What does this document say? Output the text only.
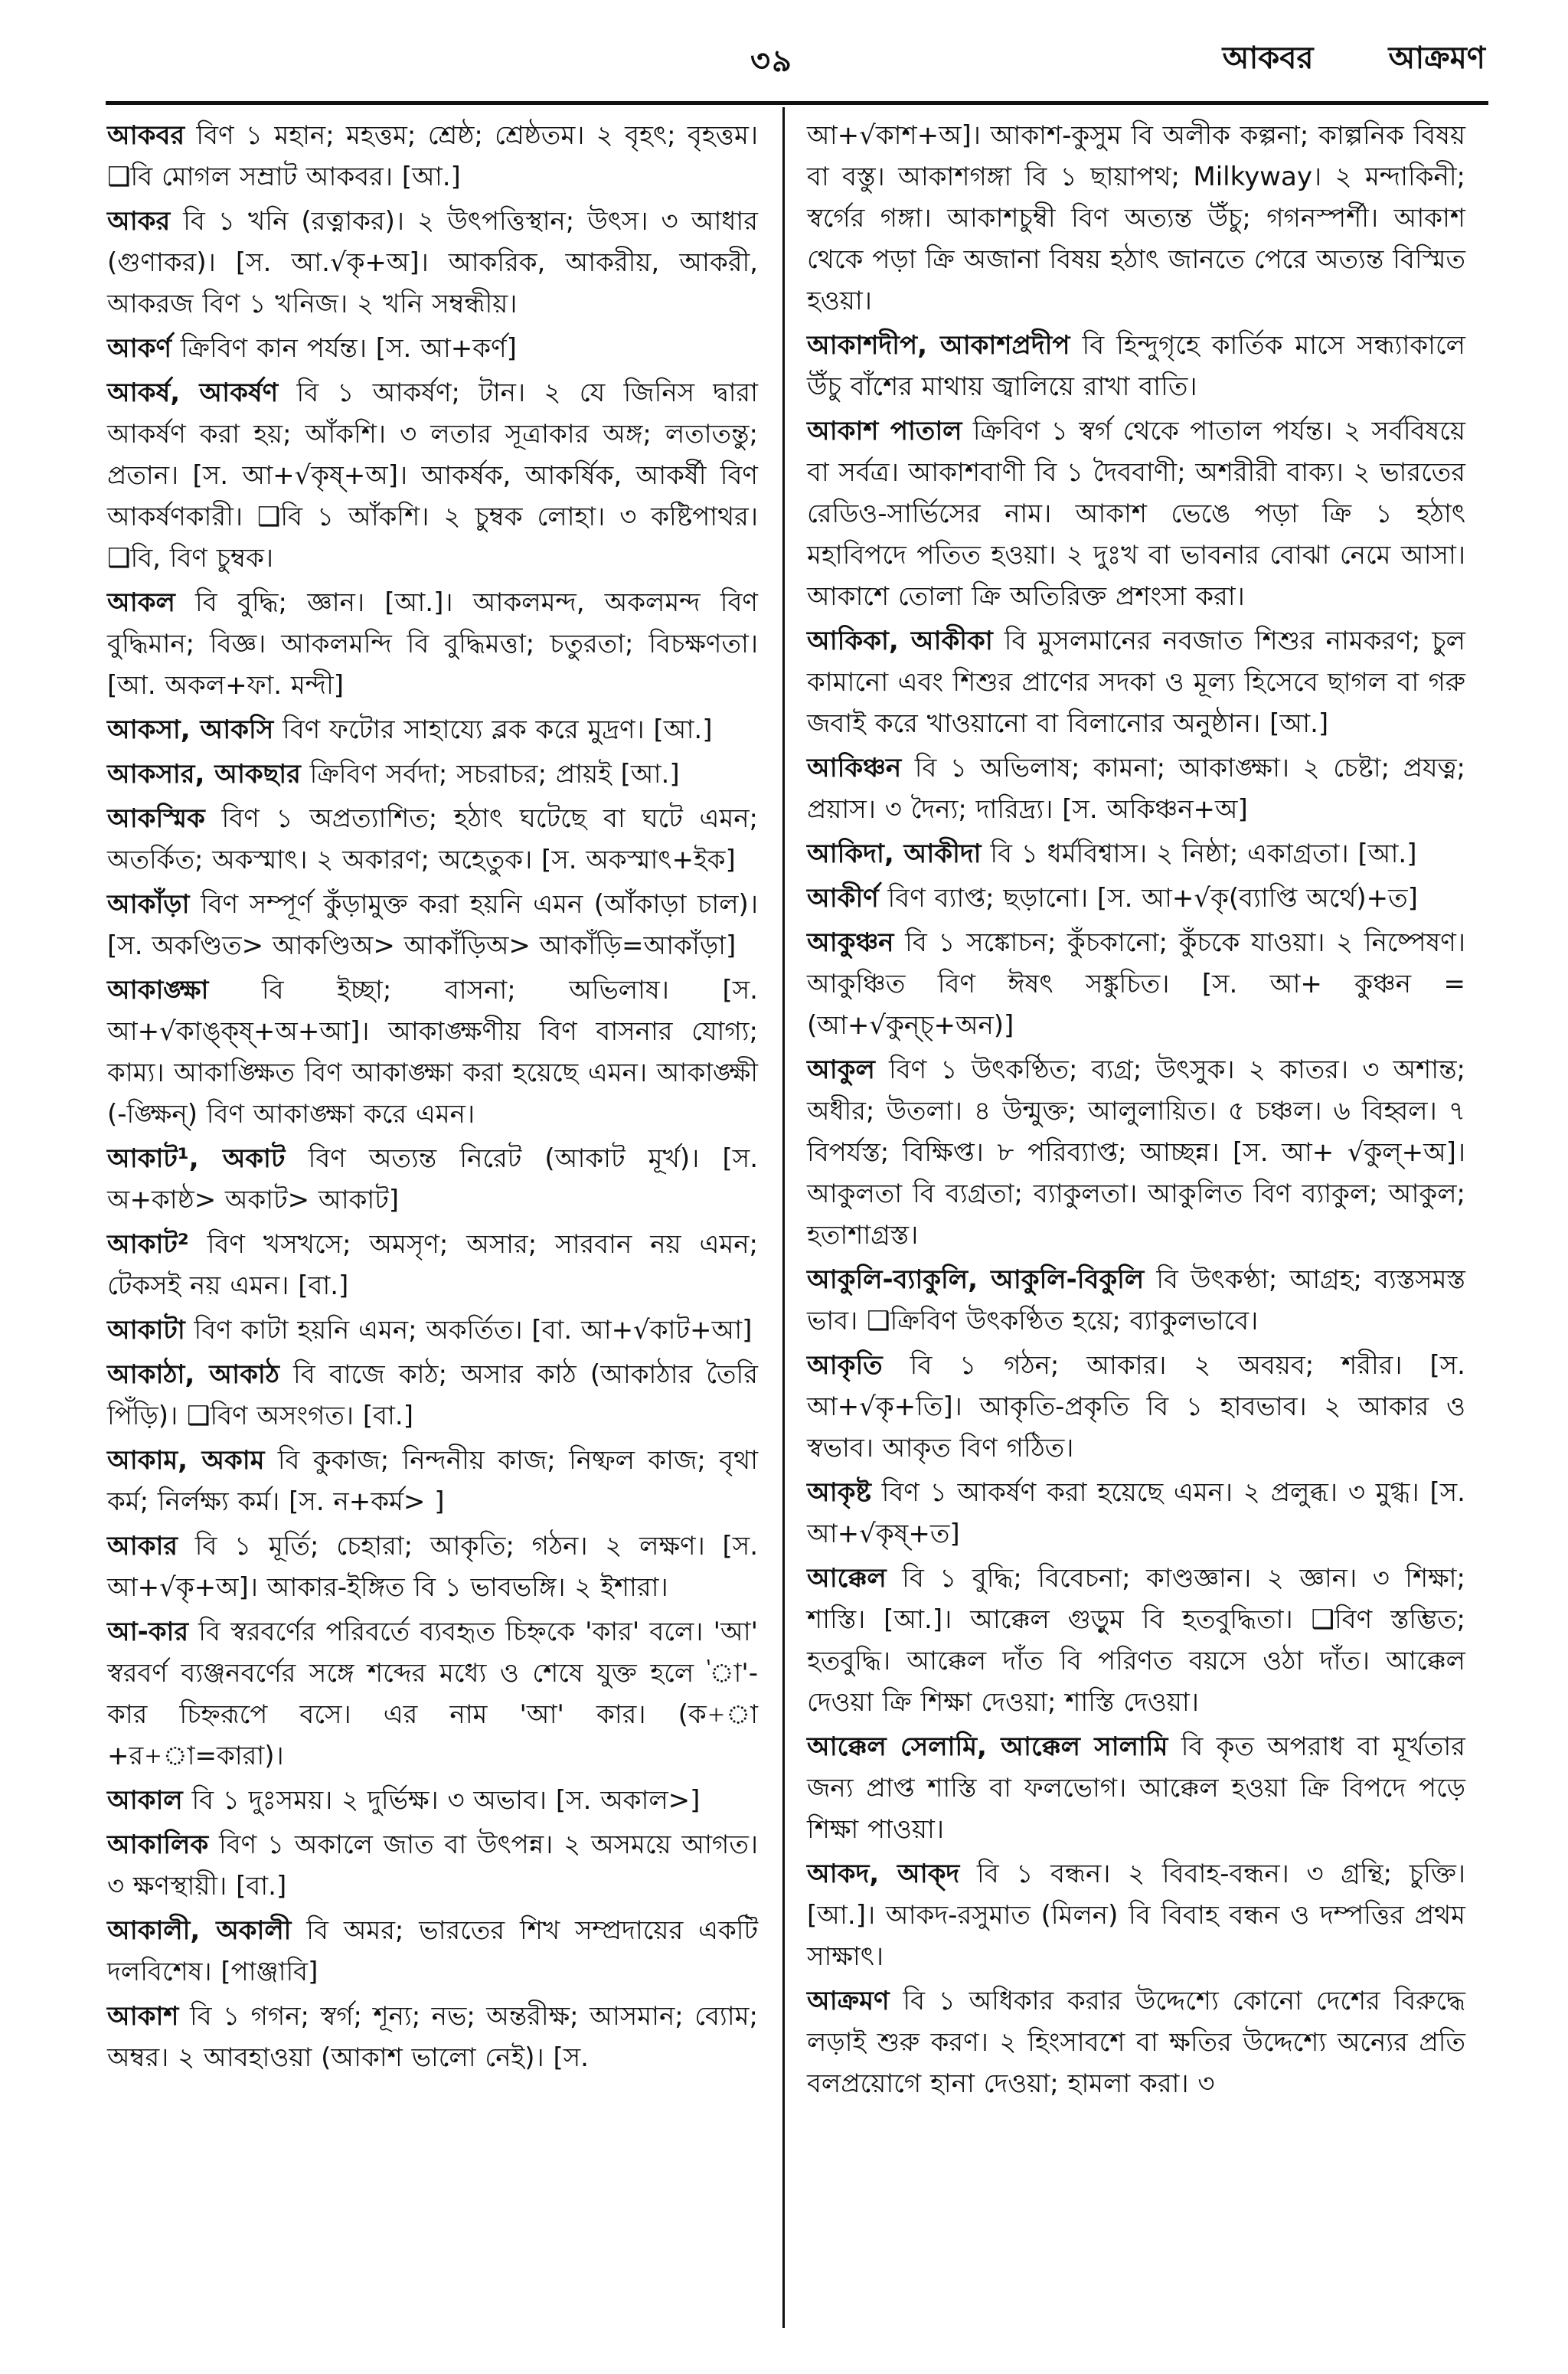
৩৯	আকবর আক্রমণ

আকবর বিণ ১ মহান; মহত্তম; শ্রেষ্ঠ; শ্রেষ্ঠতম। ২ বৃহৎ; বৃহত্তম। ❑বি মোগল সম্রাট আকবর। [আ.]

আকর বি ১ খনি (রত্নাকর)। ২ উৎপত্তিস্থান; উৎস। ৩ আধার (গুণাকর)। [স. আ.√কৃ+অ]। আকরিক, আকরীয়, আকরী, আকরজ বিণ ১ খনিজ। ২ খনি সম্বন্ধীয়।

আকর্ণ ক্রিবিণ কান পর্যন্ত। [স. আ+কর্ণ]

আকর্ষ, আকর্ষণ বি ১ আকর্ষণ; টান। ২ যে জিনিস দ্বারা আকর্ষণ করা হয়; আঁকশি। ৩ লতার সূত্রাকার অঙ্গ; লতাতন্তু; প্রতান। [স. আ+√কৃষ্+অ]। আকর্ষক, আকর্ষিক, আকর্ষী বিণ আকর্ষণকারী। ❑বি ১ আঁকশি। ২ চুম্বক লোহা। ৩ কষ্টিপাথর। ❑বি, বিণ চুম্বক।

আকল বি বুদ্ধি; জ্ঞান। [আ.]। আকলমন্দ, অকলমন্দ বিণ বুদ্ধিমান; বিজ্ঞ। আকলমন্দি বি বুদ্ধিমত্তা; চতুরতা; বিচক্ষণতা। [আ. অকল+ফা. মন্দী]

আকসা, আকসি বিণ ফটোর সাহায্যে ব্লক করে মুদ্রণ। [আ.]

আকসার, আকছার ক্রিবিণ সর্বদা; সচরাচর; প্রায়ই [আ.]

আকস্মিক বিণ ১ অপ্রত্যাশিত; হঠাৎ ঘটেছে বা ঘটে এমন; অতর্কিত; অকস্মাৎ। ২ অকারণ; অহেতুক। [স. অকস্মাৎ+ইক]

আকাঁড়া বিণ সম্পূর্ণ কুঁড়ামুক্ত করা হয়নি এমন (আঁকাড়া চাল)। [স. অকণ্ডিত> আকণ্ডিঅ> আকাঁড়িঅ> আকাঁড়ি=আকাঁড়া]

আকাঙ্ক্ষা বি ইচ্ছা; বাসনা; অভিলাষ। [স. আ+√কাঙ্ক্ষ্+অ+আ]। আকাঙ্ক্ষণীয় বিণ বাসনার যোগ্য; কাম্য। আকাঙ্ক্ষিত বিণ আকাঙ্ক্ষা করা হয়েছে এমন। আকাঙ্ক্ষী (-ঙ্ক্ষিন্) বিণ আকাঙ্ক্ষা করে এমন।

আকাট¹, অকাট বিণ অত্যন্ত নিরেট (আকাট মূর্খ)। [স. অ+কাষ্ঠ> অকাট> আকাট]

আকাট² বিণ খসখসে; অমসৃণ; অসার; সারবান নয় এমন; টেকসই নয় এমন। [বা.]

আকাটা বিণ কাটা হয়নি এমন; অকর্তিত। [বা. আ+√কাট+আ]

আকাঠা, আকাঠ বি বাজে কাঠ; অসার কাঠ (আকাঠার তৈরি পিঁড়ি)। ❑বিণ অসংগত। [বা.]

আকাম, অকাম বি কুকাজ; নিন্দনীয় কাজ; নিষ্ফল কাজ; বৃথা কর্ম; নির্লক্ষ্য কর্ম। [স. ন+কর্ম> ]

আকার বি ১ মূর্তি; চেহারা; আকৃতি; গঠন। ২ লক্ষণ। [স. আ+√কৃ+অ]। আকার-ইঙ্গিত বি ১ ভাবভঙ্গি। ২ ইশারা।

আ-কার বি স্বরবর্ণের পরিবর্তে ব্যবহৃত চিহ্নকে 'কার' বলে। 'আ' স্বরবর্ণ ব্যঞ্জনবর্ণের সঙ্গে শব্দের মধ্যে ও শেষে যুক্ত হলে 'া'-কার চিহ্নরূপে বসে। এর নাম 'আ' কার। (ক+া+র+া=কারা)।

আকাল বি ১ দুঃসময়। ২ দুর্ভিক্ষ। ৩ অভাব। [স. অকাল>]

আকালিক বিণ ১ অকালে জাত বা উৎপন্ন। ২ অসময়ে আগত। ৩ ক্ষণস্থায়ী। [বা.]

আকালী, অকালী বি অমর; ভারতের শিখ সম্প্রদায়ের একটি দলবিশেষ। [পাঞ্জাবি]

আকাশ বি ১ গগন; স্বর্গ; শূন্য; নভ; অন্তরীক্ষ; আসমান; ব্যোম; অম্বর। ২ আবহাওয়া (আকাশ ভালো নেই)। [স.

আ+√কাশ+অ]। আকাশ-কুসুম বি অলীক কল্পনা; কাল্পনিক বিষয় বা বস্তু। আকাশগঙ্গা বি ১ ছায়াপথ; Milkyway। ২ মন্দাকিনী; স্বর্গের গঙ্গা। আকাশচুম্বী বিণ অত্যন্ত উঁচু; গগনস্পর্শী। আকাশ থেকে পড়া ক্রি অজানা বিষয় হঠাৎ জানতে পেরে অত্যন্ত বিস্মিত হওয়া।

আকাশদীপ, আকাশপ্রদীপ বি হিন্দুগৃহে কার্তিক মাসে সন্ধ্যাকালে উঁচু বাঁশের মাথায় জ্বালিয়ে রাখা বাতি।

আকাশ পাতাল ক্রিবিণ ১ স্বর্গ থেকে পাতাল পর্যন্ত। ২ সর্ববিষয়ে বা সর্বত্র। আকাশবাণী বি ১ দৈববাণী; অশরীরী বাক্য। ২ ভারতের রেডিও-সার্ভিসের নাম। আকাশ ভেঙে পড়া ক্রি ১ হঠাৎ মহাবিপদে পতিত হওয়া। ২ দুঃখ বা ভাবনার বোঝা নেমে আসা। আকাশে তোলা ক্রি অতিরিক্ত প্রশংসা করা।

আকিকা, আকীকা বি মুসলমানের নবজাত শিশুর নামকরণ; চুল কামানো এবং শিশুর প্রাণের সদকা ও মূল্য হিসেবে ছাগল বা গরু জবাই করে খাওয়ানো বা বিলানোর অনুষ্ঠান। [আ.]

আকিঞ্চন বি ১ অভিলাষ; কামনা; আকাঙ্ক্ষা। ২ চেষ্টা; প্রযত্ন; প্রয়াস। ৩ দৈন্য; দারিদ্র্য। [স. অকিঞ্চন+অ]

আকিদা, আকীদা বি ১ ধর্মবিশ্বাস। ২ নিষ্ঠা; একাগ্রতা। [আ.]

আকীর্ণ বিণ ব্যাপ্ত; ছড়ানো। [স. আ+√কৃ(ব্যাপ্তি অর্থে)+ত]

আকুঞ্চন বি ১ সঙ্কোচন; কুঁচকানো; কুঁচকে যাওয়া। ২ নিষ্পেষণ। আকুঞ্চিত বিণ ঈষৎ সঙ্কুচিত। [স. আ+ কুঞ্চন = (আ+√কুন্চ্+অন)]

আকুল বিণ ১ উৎকণ্ঠিত; ব্যগ্র; উৎসুক। ২ কাতর। ৩ অশান্ত; অধীর; উতলা। ৪ উন্মুক্ত; আলুলায়িত। ৫ চঞ্চল। ৬ বিহ্বল। ৭ বিপর্যস্ত; বিক্ষিপ্ত। ৮ পরিব্যাপ্ত; আচ্ছন্ন। [স. আ+ √কুল্+অ]। আকুলতা বি ব্যগ্রতা; ব্যাকুলতা। আকুলিত বিণ ব্যাকুল; আকুল; হতাশাগ্রস্ত।

আকুলি-ব্যাকুলি, আকুলি-বিকুলি বি উৎকণ্ঠা; আগ্রহ; ব্যস্তসমস্ত ভাব। ❑ক্রিবিণ উৎকণ্ঠিত হয়ে; ব্যাকুলভাবে।

আকৃতি বি ১ গঠন; আকার। ২ অবয়ব; শরীর। [স. আ+√কৃ+তি]। আকৃতি-প্রকৃতি বি ১ হাবভাব। ২ আকার ও স্বভাব। আকৃত বিণ গঠিত।

আকৃষ্ট বিণ ১ আকর্ষণ করা হয়েছে এমন। ২ প্রলুব্ধ। ৩ মুগ্ধ। [স. আ+√কৃষ্+ত]

আক্কেল বি ১ বুদ্ধি; বিবেচনা; কাণ্ডজ্ঞান। ২ জ্ঞান। ৩ শিক্ষা; শাস্তি। [আ.]। আক্কেল গুড়ুম বি হতবুদ্ধিতা। ❑বিণ স্তম্ভিত; হতবুদ্ধি। আক্কেল দাঁত বি পরিণত বয়সে ওঠা দাঁত। আক্কেল দেওয়া ক্রি শিক্ষা দেওয়া; শাস্তি দেওয়া।

আক্কেল সেলামি, আক্কেল সালামি বি কৃত অপরাধ বা মূর্খতার জন্য প্রাপ্ত শাস্তি বা ফলভোগ। আক্কেল হওয়া ক্রি বিপদে পড়ে শিক্ষা পাওয়া।

আকদ, আক্দ বি ১ বন্ধন। ২ বিবাহ-বন্ধন। ৩ গ্রন্থি; চুক্তি। [আ.]। আকদ-রসুমাত (মিলন) বি বিবাহ বন্ধন ও দম্পত্তির প্রথম সাক্ষাৎ।

আক্রমণ বি ১ অধিকার করার উদ্দেশ্যে কোনো দেশের বিরুদ্ধে লড়াই শুরু করণ। ২ হিংসাবশে বা ক্ষতির উদ্দেশ্যে অন্যের প্রতি বলপ্রয়োগে হানা দেওয়া; হামলা করা। ৩
